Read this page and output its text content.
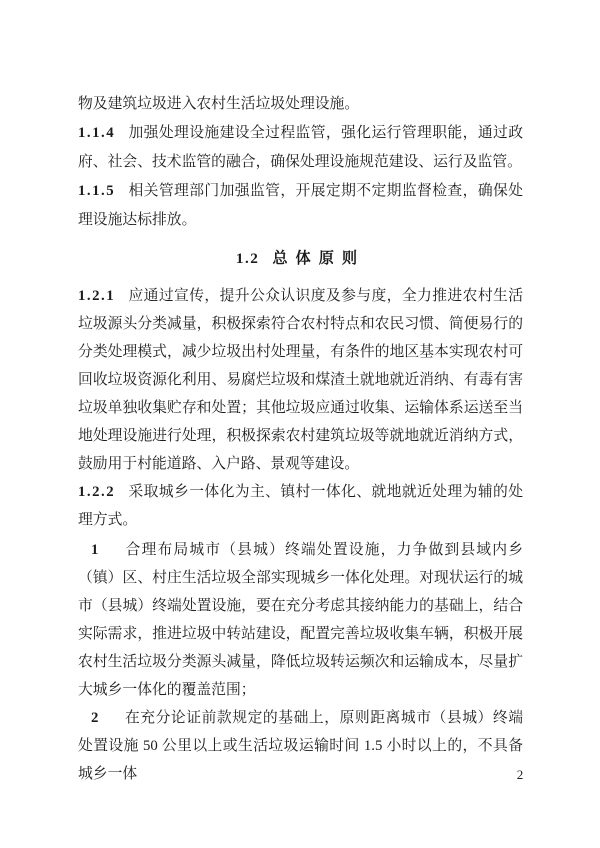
物及建筑垃圾进入农村生活垃圾处理设施。

1.1.4 加强处理设施建设全过程监管，强化运行管理职能，通过政府、社会、技术监管的融合，确保处理设施规范建设、运行及监管。

1.1.5 相关管理部门加强监管，开展定期不定期监督检查，确保处理设施达标排放。

1.2 总体原则

1.2.1 应通过宣传，提升公众认识度及参与度，全力推进农村生活垃圾源头分类减量，积极探索符合农村特点和农民习惯、简便易行的分类处理模式，减少垃圾出村处理量，有条件的地区基本实现农村可回收垃圾资源化利用、易腐烂垃圾和煤渣土就地就近消纳、有毒有害垃圾单独收集贮存和处置；其他垃圾应通过收集、运输体系运送至当地处理设施进行处理，积极探索农村建筑垃圾等就地就近消纳方式，鼓励用于村能道路、入户路、景观等建设。

1.2.2 采取城乡一体化为主、镇村一体化、就地就近处理为辅的处理方式。

1 合理布局城市（县城）终端处置设施，力争做到县域内乡（镇）区、村庄生活垃圾全部实现城乡一体化处理。对现状运行的城市（县城）终端处置设施，要在充分考虑其接纳能力的基础上，结合实际需求，推进垃圾中转站建设，配置完善垃圾收集车辆，积极开展农村生活垃圾分类源头减量，降低垃圾转运频次和运输成本，尽量扩大城乡一体化的覆盖范围；

2 在充分论证前款规定的基础上，原则距离城市（县城）终端处置设施 50 公里以上或生活垃圾运输时间 1.5 小时以上的，不具备城乡一体	2
